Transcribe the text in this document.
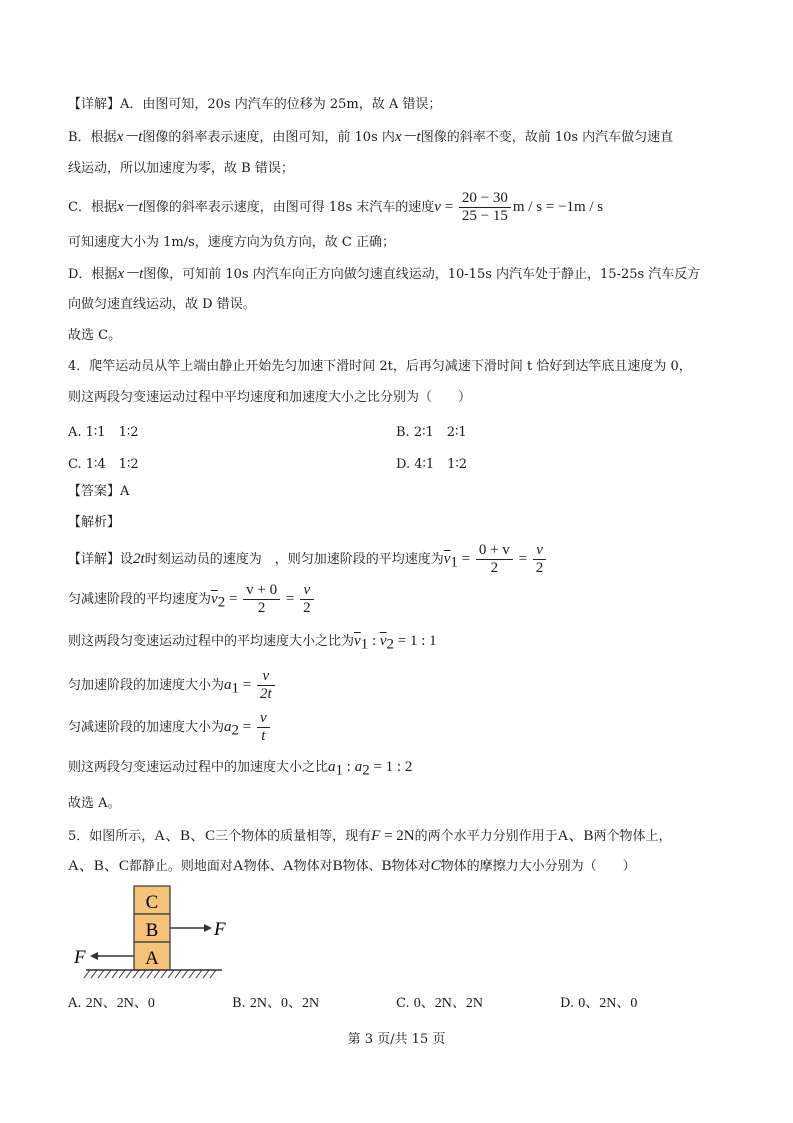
【详解】A．由图可知，20s 内汽车的位移为 25m，故 A 错误；
B．根据x－t图像的斜率表示速度，由图可知，前 10s 内x－t图像的斜率不变，故前 10s 内汽车做匀速直
线运动，所以加速度为零，故 B 错误；
C．根据x－t图像的斜率表示速度，由图可得 18s 末汽车的速度$v = \frac{20 - 30}{25 - 15}$ m / s = −1m / s
可知速度大小为 1m/s，速度方向为负方向，故 C 正确；
D．根据x－t图像，可知前 10s 内汽车向正方向做匀速直线运动，10-15s 内汽车处于静止，15-25s 汽车反方
向做匀速直线运动，故 D 错误。
故选 C。
4．爬竿运动员从竿上端由静止开始先匀加速下滑时间 2t，后再匀减速下滑时间 t 恰好到达竿底且速度为 0，
则这两段匀变速运动过程中平均速度和加速度大小之比分别为（　　）
A. 1∶1　1∶2	B. 2∶1　2∶1
C. 1∶4　1∶2	D. 4∶1　1∶2
【答案】A
【解析】
【详解】设2t时刻运动员的速度为　，则匀加速阶段的平均速度为$\overline{v}_1 = \frac{0 + v}{2} = \frac{v}{2}$
匀减速阶段的平均速度为$\overline{v}_2 = \frac{v + 0}{2} = \frac{v}{2}$
则这两段匀变速运动过程中的平均速度大小之比为$\overline{v}_1$ : $\overline{v}_2 = 1$ : 1
匀加速阶段的加速度大小为$a_1 = \frac{v}{2t}$
匀减速阶段的加速度大小为$a_2 = \frac{v}{t}$
则这两段匀变速运动过程中的加速度大小之比$a_1$ : $a_2 = 1$ : 2
故选 A。
5．如图所示，A、B、C三个物体的质量相等，现有F = 2N的两个水平力分别作用于A、B两个物体上，
A、B、C都静止。则地面对A物体、A物体对B物体、B物体对C物体的摩擦力大小分别为（　　）
C
B
A
F
F
A. 2N、2N、0	B. 2N、0、2N	C. 0、2N、2N	D. 0、2N、0
第 3 页/共 15 页
